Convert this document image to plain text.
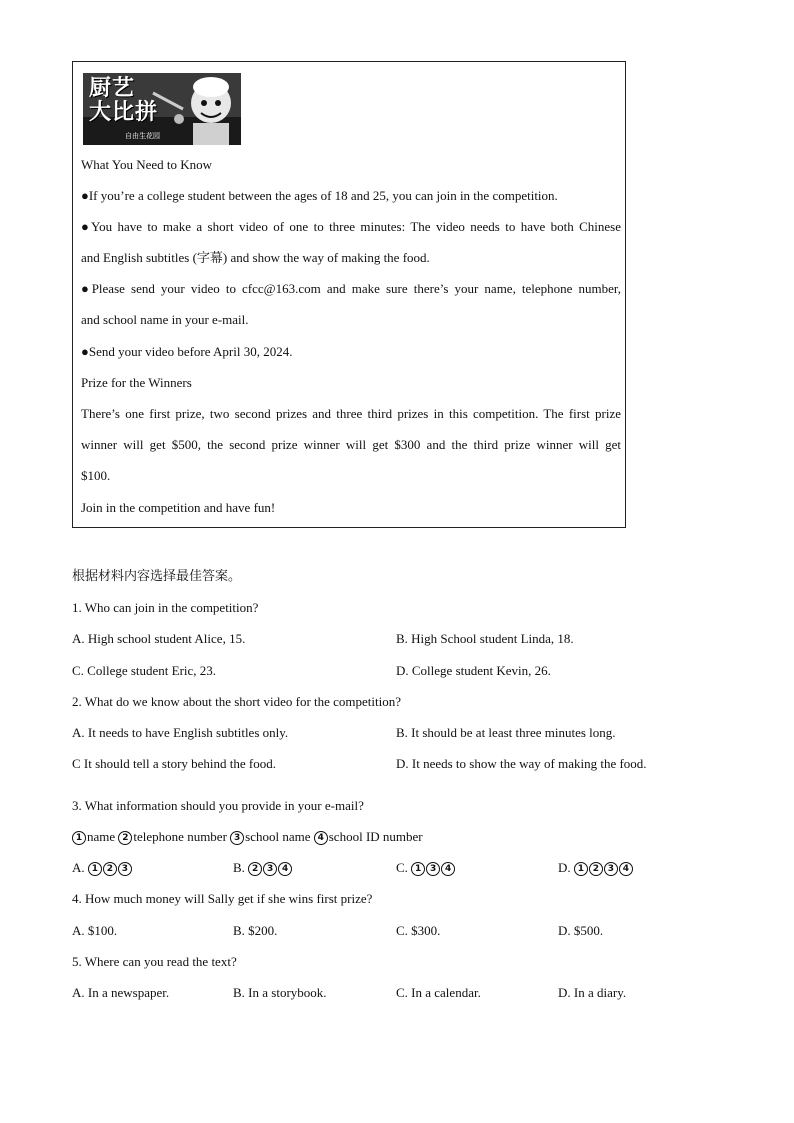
厨艺
大比拼
自由生花园
What You Need to Know
●If you’re a college student between the ages of 18 and 25, you can join in the competition.
●You have to make a short video of one to three minutes: The video needs to have both Chinese
and English subtitles (字幕) and show the way of making the food.
●Please send your video to cfcc@163.com and make sure there’s your name, telephone number,
and school name in your e-mail.
●Send your video before April 30, 2024.
Prize for the Winners
There’s one first prize, two second prizes and three third prizes in this competition. The first prize
winner will get $500, the second prize winner will get $300 and the third prize winner will get
$100.
Join in the competition and have fun!
根据材料内容选择最佳答案。
1. Who can join in the competition?
A. High school student Alice, 15.	B. High School student Linda, 18.
C. College student Eric, 23.	D. College student Kevin, 26.
2. What do we know about the short video for the competition?
A. It needs to have English subtitles only.	B. It should be at least three minutes long.
C It should tell a story behind the food.	D. It needs to show the way of making the food.
3. What information should you provide in your e-mail?
1 name 2 telephone number 3 school name 4 school ID number
A. 1 2 3	B. 2 3 4	C. 1 3 4	D. 1 2 3 4
4. How much money will Sally get if she wins first prize?
A. $100.	B. $200.	C. $300.	D. $500.
5. Where can you read the text?
A. In a newspaper.	B. In a storybook.	C. In a calendar.	D. In a diary.
